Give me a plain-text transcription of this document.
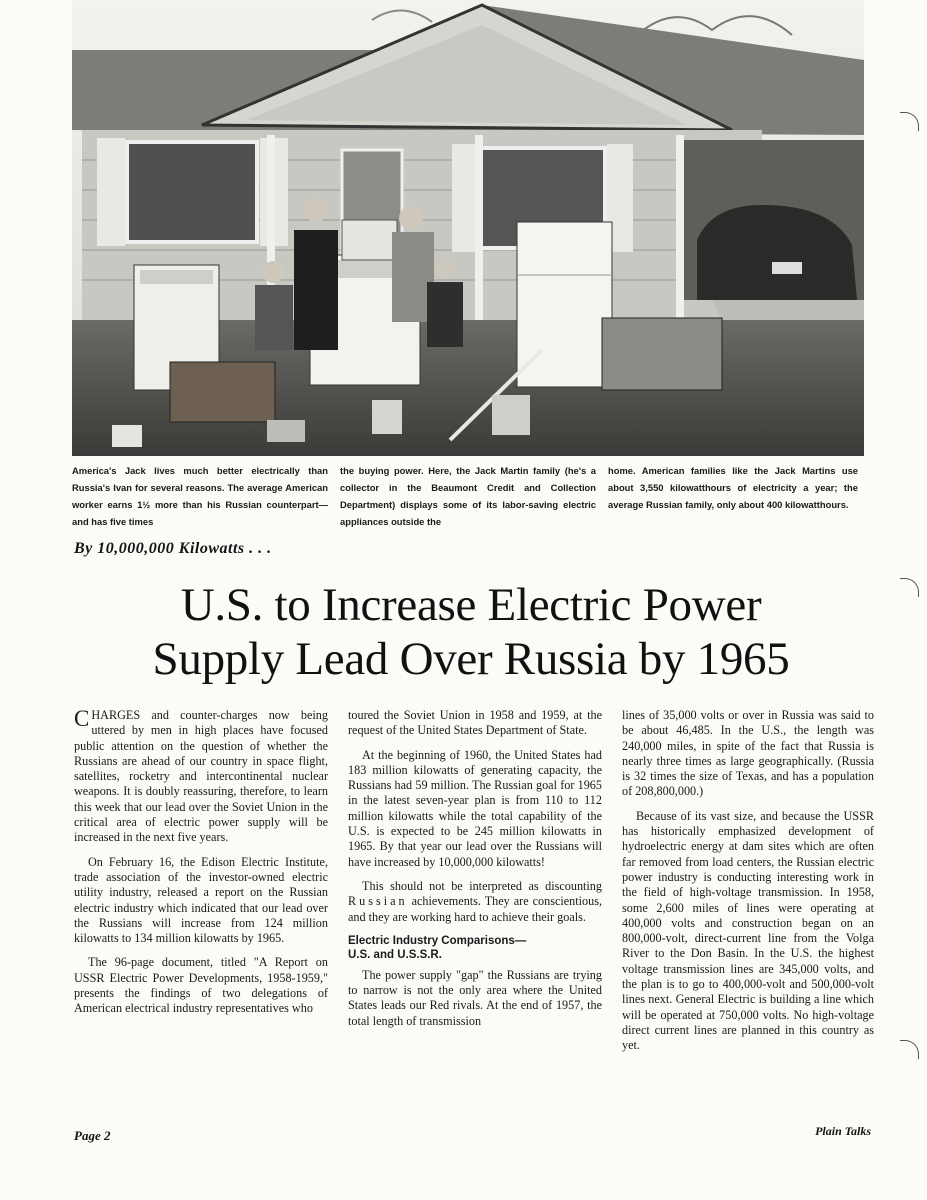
America's Jack lives much better electrically than Russia's Ivan for several reasons. The average American worker earns 1½ more than his Russian counterpart—and has five times
the buying power. Here, the Jack Martin family (he's a collector in the Beaumont Credit and Collection Department) displays some of its labor-saving electric appliances outside the
home. American families like the Jack Martins use about 3,550 kilowatthours of electricity a year; the average Russian family, only about 400 kilowatthours.
By 10,000,000 Kilowatts . . .
U.S. to Increase Electric Power
Supply Lead Over Russia by 1965

CHARGES and counter-charges now being uttered by men in high places have focused public attention on the question of whether the Russians are ahead of our country in space flight, satellites, rocketry and intercontinental nuclear weapons. It is doubly reassuring, therefore, to learn this week that our lead over the Soviet Union in the critical area of electric power supply will be increased in the next five years.

On February 16, the Edison Electric Institute, trade association of the investor-owned electric utility industry, released a report on the Russian electric industry which indicated that our lead over the Russians will increase from 124 million kilowatts to 134 million kilowatts by 1965.

The 96-page document, titled "A Report on USSR Electric Power Developments, 1958-1959," presents the findings of two delegations of American electrical industry representatives who

toured the Soviet Union in 1958 and 1959, at the request of the United States Department of State.

At the beginning of 1960, the United States had 183 million kilowatts of generating capacity, the Russians had 59 million. The Russian goal for 1965 in the latest seven-year plan is from 110 to 112 million kilowatts while the total capability of the U.S. is expected to be 245 million kilowatts in 1965. By that year our lead over the Russians will have increased by 10,000,000 kilowatts!

This should not be interpreted as discounting Russian achievements. They are conscientious, and they are working hard to achieve their goals.

Electric Industry Comparisons—
U.S. and U.S.S.R.

The power supply "gap" the Russians are trying to narrow is not the only area where the United States leads our Red rivals. At the end of 1957, the total length of transmission

lines of 35,000 volts or over in Russia was said to be about 46,485. In the U.S., the length was 240,000 miles, in spite of the fact that Russia is nearly three times as large geographically. (Russia is 32 times the size of Texas, and has a population of 208,800,000.)

Because of its vast size, and because the USSR has historically emphasized development of hydroelectric energy at dam sites which are often far removed from load centers, the Russian electric power industry is conducting interesting work in the field of high-voltage transmission. In 1958, some 2,600 miles of lines were operating at 400,000 volts and construction began on an 800,000-volt, direct-current line from the Volga River to the Don Basin. In the U.S. the highest voltage transmission lines are 345,000 volts, and the plan is to go to 400,000-volt and 500,000-volt lines next. General Electric is building a line which will be operated at 750,000 volts. No high-voltage direct current lines are planned in this country as yet.

Page 2	Plain Talks
